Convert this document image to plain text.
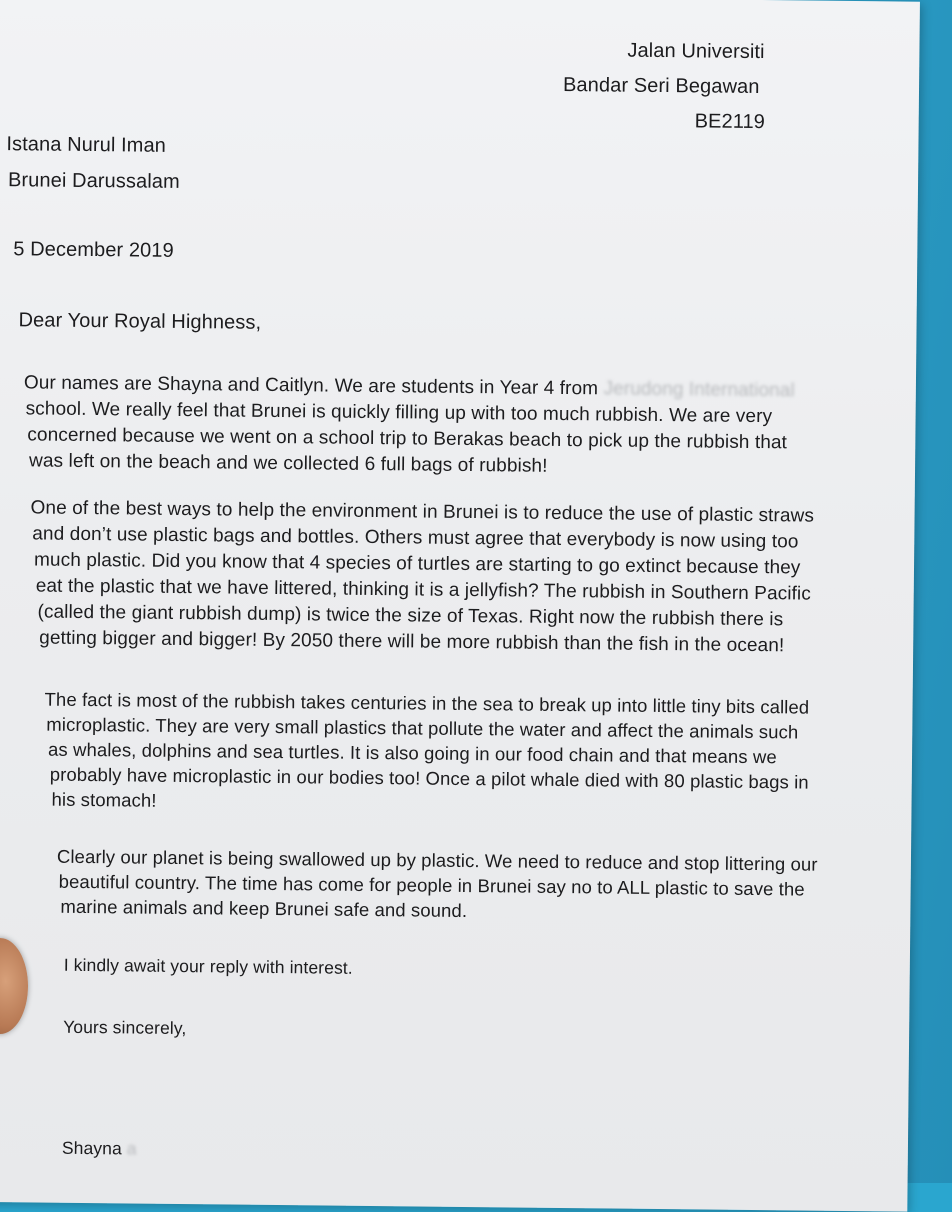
Jalan Universiti
Bandar Seri Begawan
BE2119
Istana Nurul Iman
Brunei Darussalam
5 December 2019
Dear Your Royal Highness,
Our names are Shayna and Caitlyn. We are students in Year 4 from Jerudong International
school. We really feel that Brunei is quickly filling up with too much rubbish. We are very
concerned because we went on a school trip to Berakas beach to pick up the rubbish that
was left on the beach and we collected 6 full bags of rubbish!
One of the best ways to help the environment in Brunei is to reduce the use of plastic straws
and don’t use plastic bags and bottles. Others must agree that everybody is now using too
much plastic. Did you know that 4 species of turtles are starting to go extinct because they
eat the plastic that we have littered, thinking it is a jellyfish? The rubbish in Southern Pacific
(called the giant rubbish dump) is twice the size of Texas. Right now the rubbish there is
getting bigger and bigger! By 2050 there will be more rubbish than the fish in the ocean!
The fact is most of the rubbish takes centuries in the sea to break up into little tiny bits called
microplastic. They are very small plastics that pollute the water and affect the animals such
as whales, dolphins and sea turtles. It is also going in our food chain and that means we
probably have microplastic in our bodies too! Once a pilot whale died with 80 plastic bags in
his stomach!
Clearly our planet is being swallowed up by plastic. We need to reduce and stop littering our
beautiful country. The time has come for people in Brunei say no to ALL plastic to save the
marine animals and keep Brunei safe and sound.
I kindly await your reply with interest.
Yours sincerely,
Shayna a
